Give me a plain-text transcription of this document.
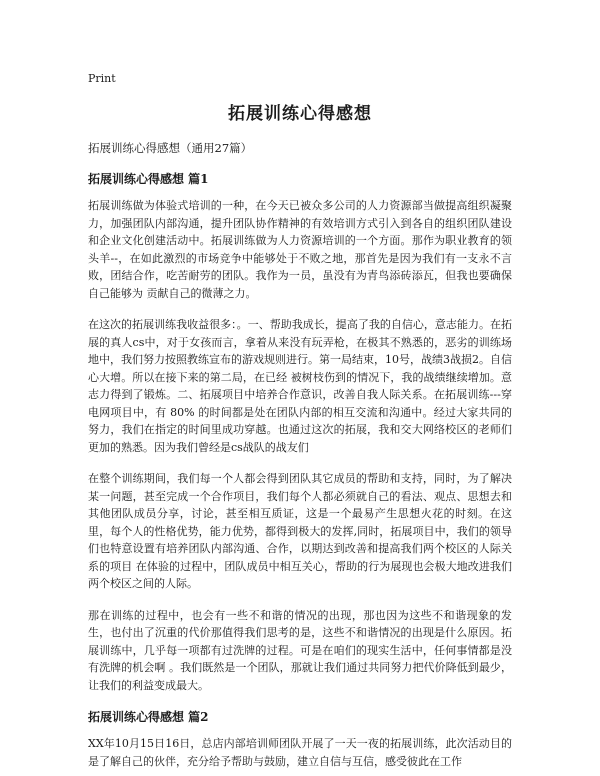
Print
拓展训练心得感想
拓展训练心得感想（通用27篇）
拓展训练心得感想 篇1

拓展训练做为体验式培训的一种，在今天已被众多公司的人力资源部当做提高组织凝聚力，加强团队内部沟通，提升团队协作精神的有效培训方式引入到各自的组织团队建设和企业文化创建活动中。拓展训练做为人力资源培训的一个方面。那作为职业教育的领头羊--，在如此激烈的市场竞争中能够处于不败之地，那首先是因为我们有一支永不言败，团结合作，吃苦耐劳的团队。我作为一员，虽没有为青鸟添砖添瓦，但我也要确保自己能够为 贡献自己的微薄之力。

在这次的拓展训练我收益很多：。一、帮助我成长，提高了我的自信心，意志能力。在拓展的真人cs中，对于女孩而言，拿着从来没有玩弄枪，在极其不熟悉的，恶劣的训练场地中，我们努力按照教练宣布的游戏规则进行。第一局结束，10号，战绩3战损2。自信心大增。所以在接下来的第二局，在已经 被树枝伤到的情况下，我的战绩继续增加。意志力得到了锻炼。二、拓展项目中培养合作意识，改善自我人际关系。在拓展训练---穿电网项目中，有 80% 的时间都是处在团队内部的相互交流和沟通中。经过大家共同的努力，我们在指定的时间里成功穿越。也通过这次的拓展，我和交大网络校区的老师们更加的熟悉。因为我们曾经是cs战队的战友们

在整个训练期间，我们每一个人都会得到团队其它成员的帮助和支持，同时，为了解决某一问题，甚至完成一个合作项目，我们每个人都必须就自己的看法、观点、思想去和其他团队成员分享，讨论，甚至相互质证，这是一个最易产生思想火花的时刻。在这里，每个人的性格优势，能力优势，都得到极大的发挥,同时，拓展项目中，我们的领导们也特意设置有培养团队内部沟通、合作，以期达到改善和提高我们两个校区的人际关系的项目 在体验的过程中，团队成员中相互关心，帮助的行为展现也会极大地改进我们两个校区之间的人际。

那在训练的过程中，也会有一些不和谐的情况的出现，那也因为这些不和谐现象的发生，也付出了沉重的代价那值得我们思考的是，这些不和谐情况的出现是什么原因。拓展训练中，几乎每一项都有过洗牌的过程。可是在咱们的现实生活中，任何事情都是没有洗牌的机会啊 。我们既然是一个团队，那就让我们通过共同努力把代价降低到最少，让我们的利益变成最大。

拓展训练心得感想 篇2

XX年10月15日16日，总店内部培训师团队开展了一天一夜的拓展训练，此次活动目的是了解自己的伙伴，充分给予帮助与鼓励，建立自信与互信，感受彼此在工作
